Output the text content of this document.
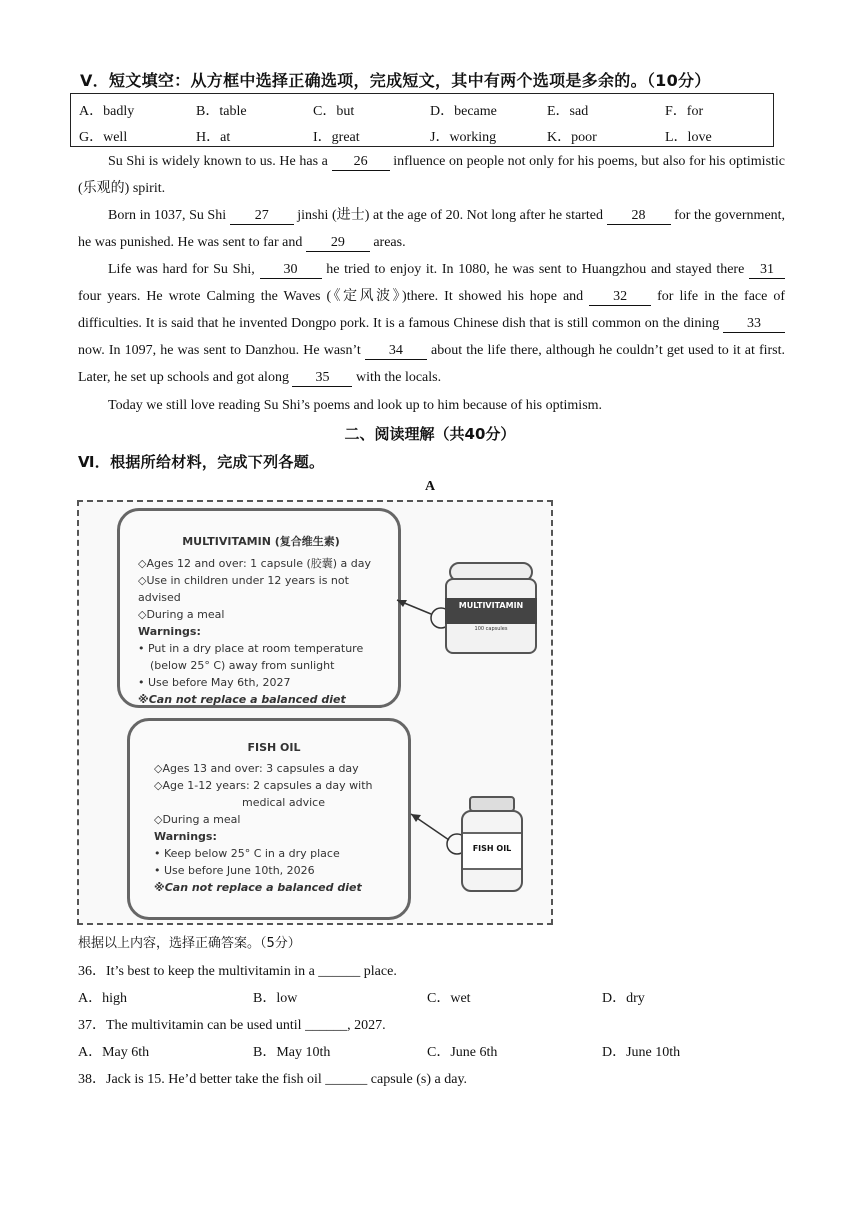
Ⅴ．短文填空：从方框中选择正确选项，完成短文，其中有两个选项是多余的。（10分）
A．badly	B．table	C．but	D．became	E．sad	F．for
G．well	H．at	I．great	J．working	K．poor	L．love
Su Shi is widely known to us. He has a 26 influence on people not only for his poems, but also for his optimistic (乐观的) spirit.
Born in 1037, Su Shi 27 jinshi (进士) at the age of 20. Not long after he started 28 for the government, he was punished. He was sent to far and 29 areas.
Life was hard for Su Shi, 30 he tried to enjoy it. In 1080, he was sent to Huangzhou and stayed there 31 four years. He wrote Calming the Waves (《定风波》)there. It showed his hope and 32 for life in the face of difficulties. It is said that he invented Dongpo pork. It is a famous Chinese dish that is still common on the dining 33 now. In 1097, he was sent to Danzhou. He wasn’t 34 about the life there, although he couldn’t get used to it at first. Later, he set up schools and got along 35 with the locals.
Today we still love reading Su Shi’s poems and look up to him because of his optimism.
二、阅读理解（共40分）
Ⅵ．根据所给材料，完成下列各题。
A
MULTIVITAMIN (复合维生素)
◇Ages 12 and over: 1 capsule (胶囊) a day
◇Use in children under 12 years is not advised
◇During a meal
Warnings:
• Put in a dry place at room temperature
(below 25° C) away from sunlight
• Use before May 6th, 2027
※Can not replace a balanced diet
FISH OIL
◇Ages 13 and over: 3 capsules a day
◇Age 1-12 years: 2 capsules a day with
medical advice
◇During a meal
Warnings:
• Keep below 25° C in a dry place
• Use before June 10th, 2026
※Can not replace a balanced diet
MULTIVITAMIN
100 capsules
FISH OIL
根据以上内容，选择正确答案。（5分）
36．It’s best to keep the multivitamin in a ______ place.
A．high	B．low	C．wet	D．dry
37．The multivitamin can be used until ______, 2027.
A．May 6th	B．May 10th	C．June 6th	D．June 10th
38．Jack is 15. He’d better take the fish oil ______ capsule (s) a day.
